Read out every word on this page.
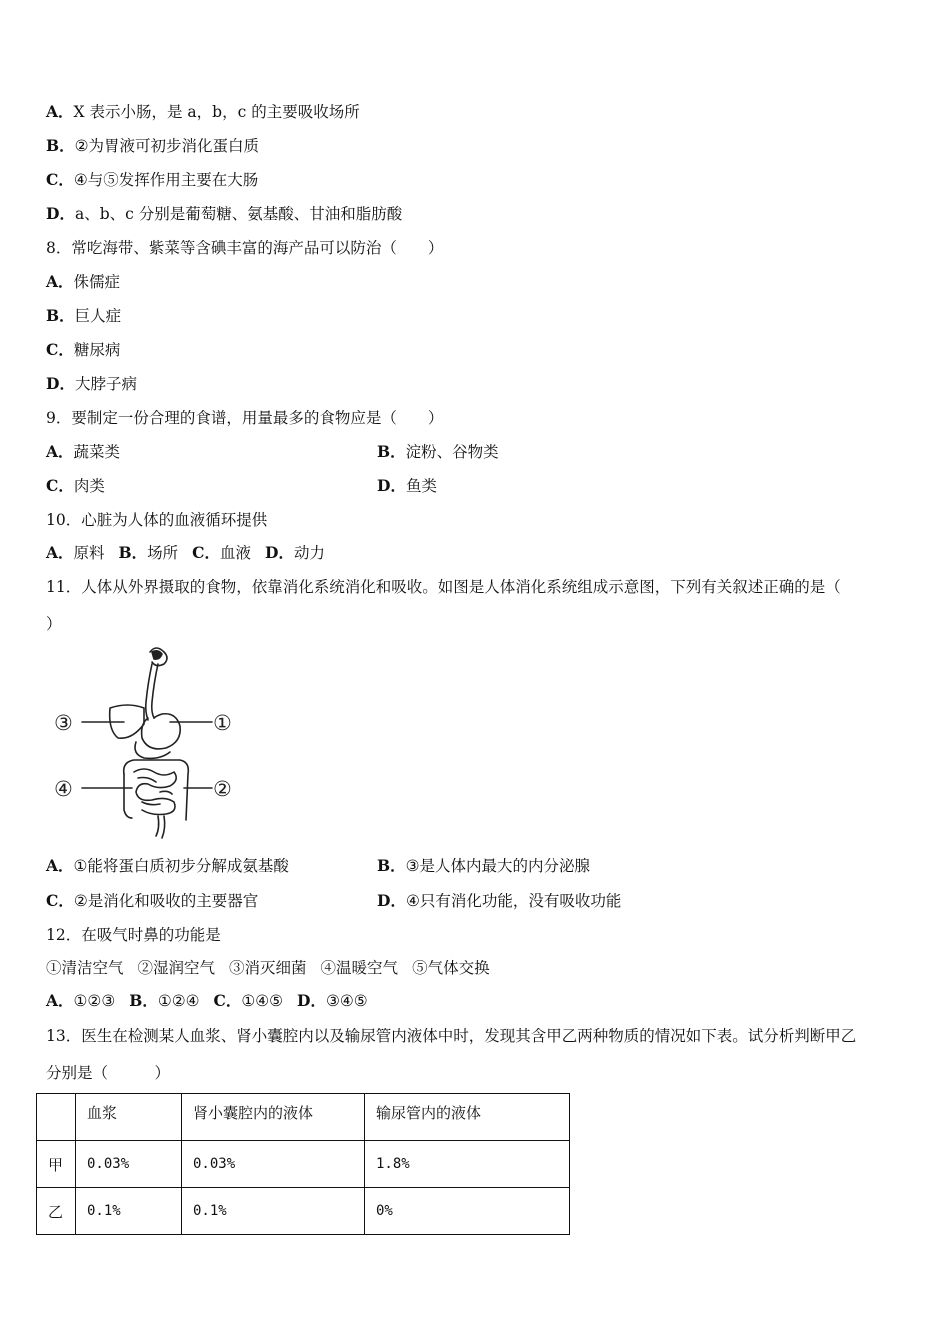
A．X 表示小肠，是 a，b，c 的主要吸收场所
B．②为胃液可初步消化蛋白质
C．④与⑤发挥作用主要在大肠
D．a、b、c 分别是葡萄糖、氨基酸、甘油和脂肪酸
8．常吃海带、紫菜等含碘丰富的海产品可以防治（　　）
A．侏儒症
B．巨人症
C．糖尿病
D．大脖子病
9．要制定一份合理的食谱，用量最多的食物应是（　　）
A．蔬菜类	B．淀粉、谷物类
C．肉类	D．鱼类
10．心脏为人体的血液循环提供
A．原料 B．场所 C．血液 D．动力
11．人体从外界摄取的食物，依靠消化系统消化和吸收。如图是人体消化系统组成示意图，下列有关叙述正确的是（
）
①
②
③
④
A．①能将蛋白质初步分解成氨基酸	B．③是人体内最大的内分泌腺
C．②是消化和吸收的主要器官	D．④只有消化功能，没有吸收功能
12．在吸气时鼻的功能是
①清洁空气 ②湿润空气 ③消灭细菌 ④温暖空气 ⑤气体交换
A．①②③ B．①②④ C．①④⑤ D．③④⑤
13．医生在检测某人血浆、肾小囊腔内以及输尿管内液体中时，发现其含甲乙两种物质的情况如下表。试分析判断甲乙
分别是（　　　）
	血浆	肾小囊腔内的液体	输尿管内的液体
甲	0.03%	0.03%	1.8%
乙	0.1%	0.1%	0%
